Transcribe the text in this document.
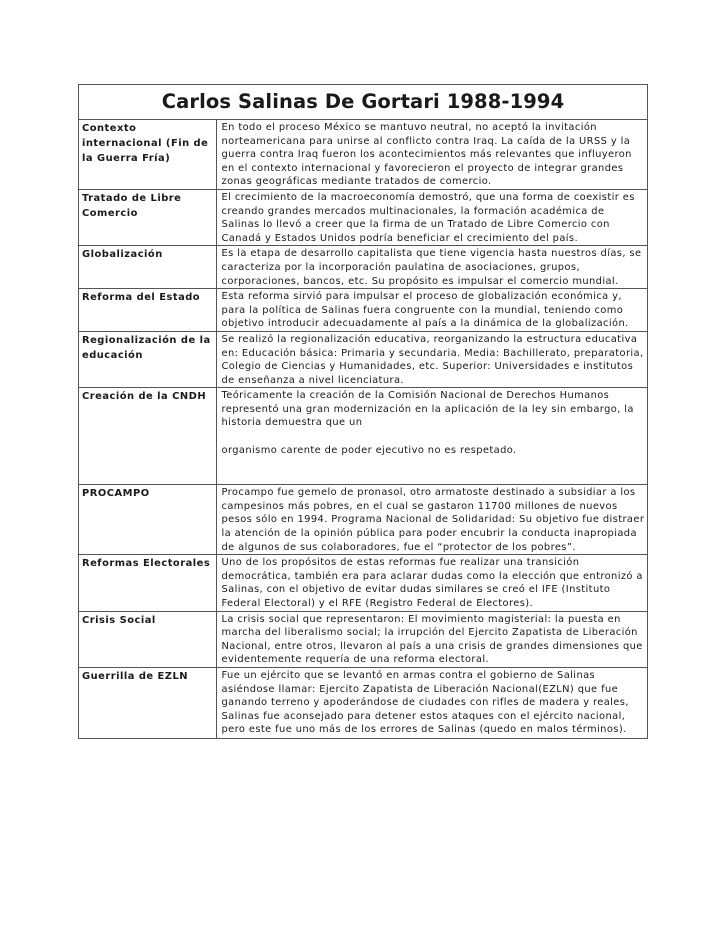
Carlos Salinas De Gortari 1988-1994
Contexto internacional (Fin de la Guerra Fría)	En todo el proceso México se mantuvo neutral, no aceptó la invitación norteamericana para unirse al conflicto contra Iraq. La caída de la URSS y la guerra contra Iraq fueron los acontecimientos más relevantes que influyeron en el contexto internacional y favorecieron el proyecto de integrar grandes zonas geográficas mediante tratados de comercio.
Tratado de Libre Comercio	El crecimiento de la macroeconomía demostró, que una forma de coexistir es creando grandes mercados multinacionales, la formación académica de Salinas lo llevó a creer que la firma de un Tratado de Libre Comercio con Canadá y Estados Unidos podría beneficiar el crecimiento del país.
Globalización	Es la etapa de desarrollo capitalista que tiene vigencia hasta nuestros días, se caracteriza por la incorporación paulatina de asociaciones, grupos, corporaciones, bancos, etc. Su propósito es impulsar el comercio mundial.
Reforma del Estado	Esta reforma sirvió para impulsar el proceso de globalización económica y, para la política de Salinas fuera congruente con la mundial, teniendo como objetivo introducir adecuadamente al país a la dinámica de la globalización.
Regionalización de la educación	Se realizó la regionalización educativa, reorganizando la estructura educativa en: Educación básica: Primaria y secundaria. Media: Bachillerato, preparatoria, Colegio de Ciencias y Humanidades, etc. Superior: Universidades e institutos de enseñanza a nivel licenciatura.
Creación de la CNDH	Teóricamente la creación de la Comisión Nacional de Derechos Humanos representó una gran modernización en la aplicación de la ley sin embargo, la historia demuestra que un

organismo carente de poder ejecutivo no es respetado.
PROCAMPO	Procampo fue gemelo de pronasol, otro armatoste destinado a subsidiar a los campesinos más pobres, en el cual se gastaron 11700 millones de nuevos pesos sólo en 1994. Programa Nacional de Solidaridad: Su objetivo fue distraer la atención de la opinión pública para poder encubrir la conducta inapropiada de algunos de sus colaboradores, fue el “protector de los pobres”.
Reformas Electorales	Uno de los propósitos de estas reformas fue realizar una transición democrática, también era para aclarar dudas como la elección que entronizó a Salinas, con el objetivo de evitar dudas similares se creó el IFE (Instituto Federal Electoral) y el RFE (Registro Federal de Electores).
Crisis Social	La crisis social que representaron: El movimiento magisterial: la puesta en marcha del liberalismo social; la irrupción del Ejercito Zapatista de Liberación Nacional, entre otros, llevaron al país a una crisis de grandes dimensiones que evidentemente requería de una reforma electoral.
Guerrilla de EZLN	Fue un ejército que se levantó en armas contra el gobierno de Salinas asiéndose llamar: Ejercito Zapatista de Liberación Nacional(EZLN) que fue ganando terreno y apoderándose de ciudades con rifles de madera y reales, Salinas fue aconsejado para detener estos ataques con el ejército nacional, pero este fue uno más de los errores de Salinas (quedo en malos términos).
